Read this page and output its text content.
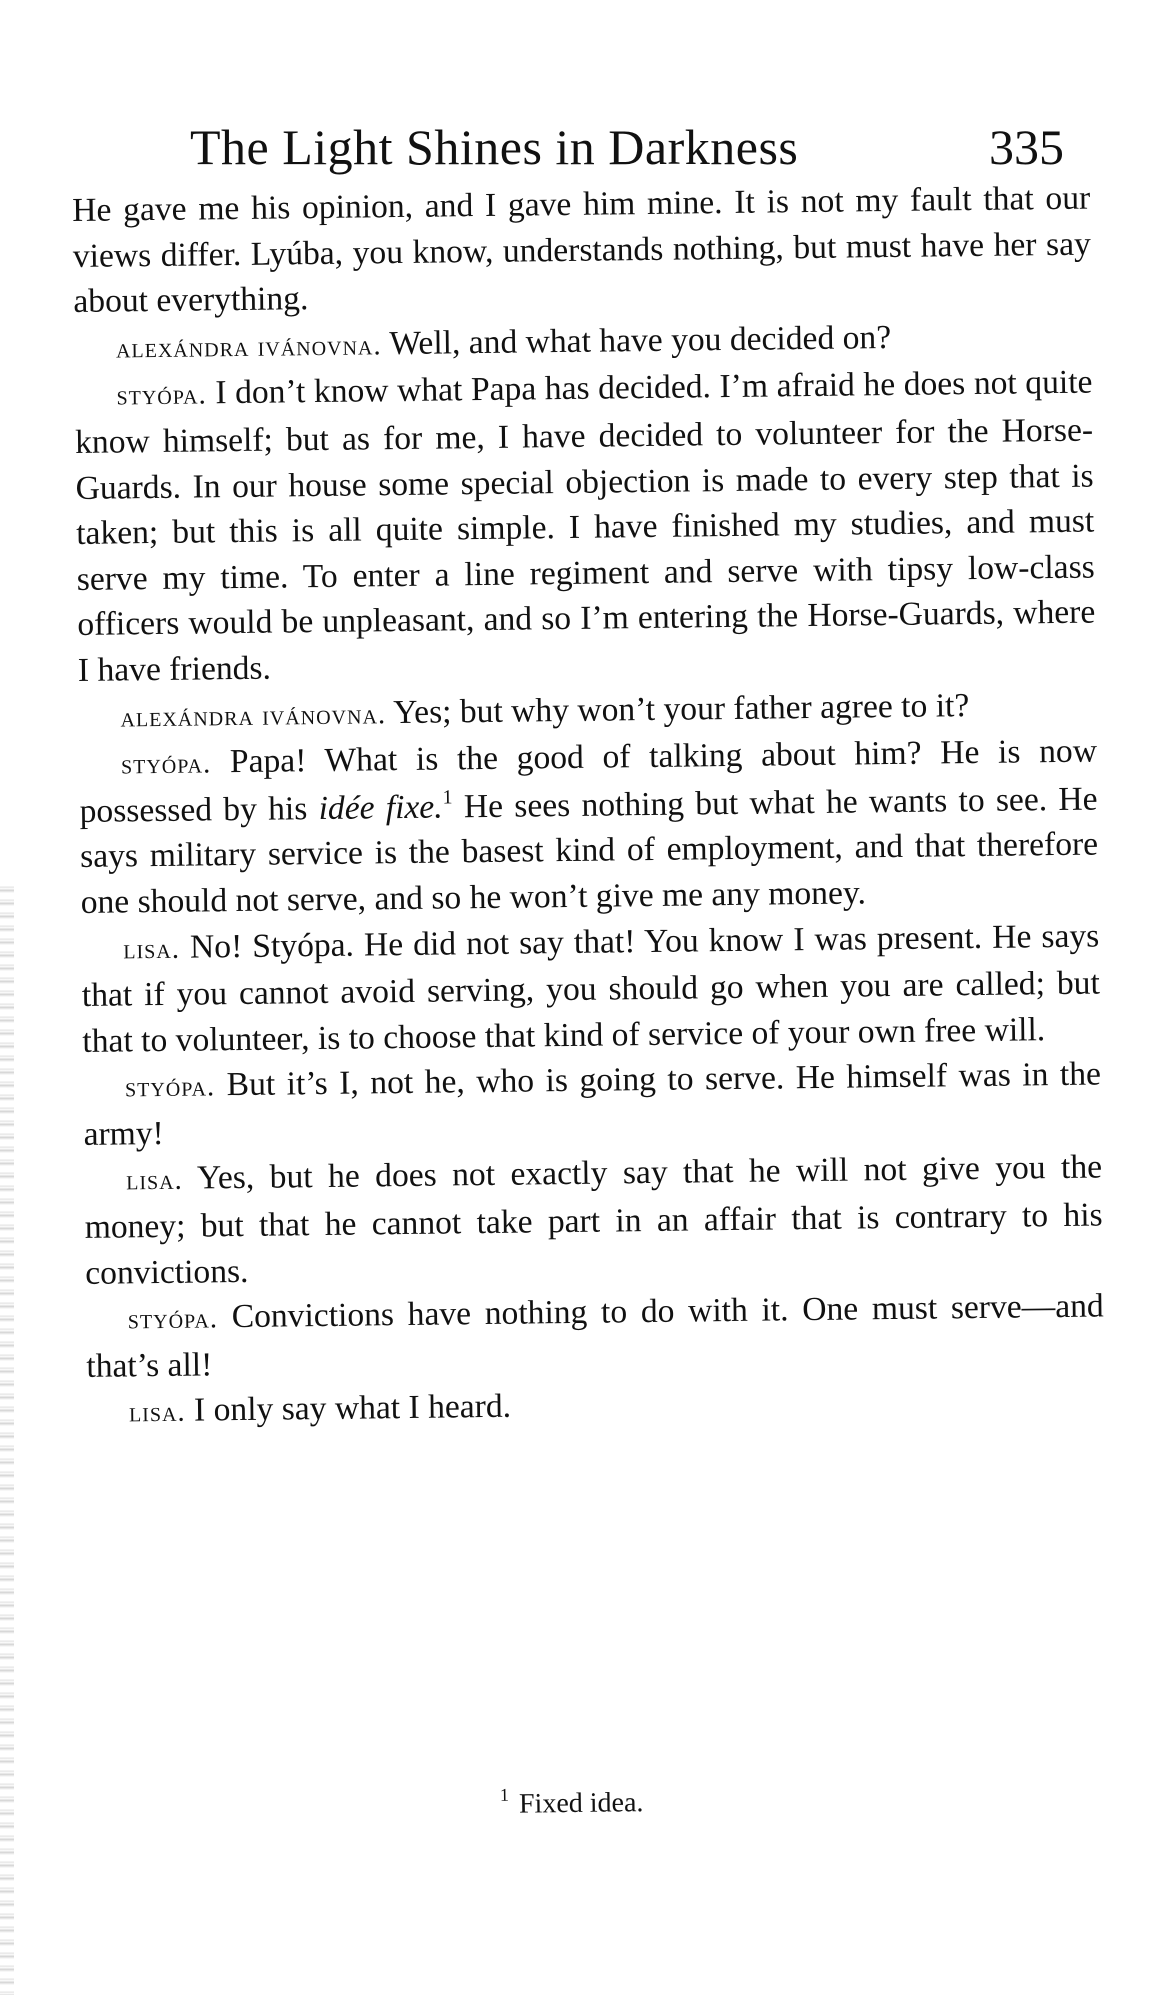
The Light Shines in Darkness	335

He gave me his opinion, and I gave him mine. It is not my fault that our views differ. Lyúba, you know, understands nothing, but must have her say about everything.

alexándra ivánovna. Well, and what have you decided on?

styópa. I don’t know what Papa has decided. I’m afraid he does not quite know himself; but as for me, I have decided to volunteer for the Horse-Guards. In our house some special objection is made to every step that is taken; but this is all quite simple. I have finished my studies, and must serve my time. To enter a line regiment and serve with tipsy low-class officers would be unpleasant, and so I’m entering the Horse-Guards, where I have friends.

alexándra ivánovna. Yes; but why won’t your father agree to it?

styópa. Papa! What is the good of talking about him? He is now possessed by his idée fixe.$^1$ He sees nothing but what he wants to see. He says military service is the basest kind of employment, and that therefore one should not serve, and so he won’t give me any money.

lisa. No! Styópa. He did not say that! You know I was present. He says that if you cannot avoid serving, you should go when you are called; but that to volunteer, is to choose that kind of service of your own free will.

styópa. But it’s I, not he, who is going to serve. He himself was in the army!

lisa. Yes, but he does not exactly say that he will not give you the money; but that he cannot take part in an affair that is contrary to his convictions.

styópa. Convictions have nothing to do with it. One must serve—and that’s all!

lisa. I only say what I heard.

$^1$ Fixed idea.
